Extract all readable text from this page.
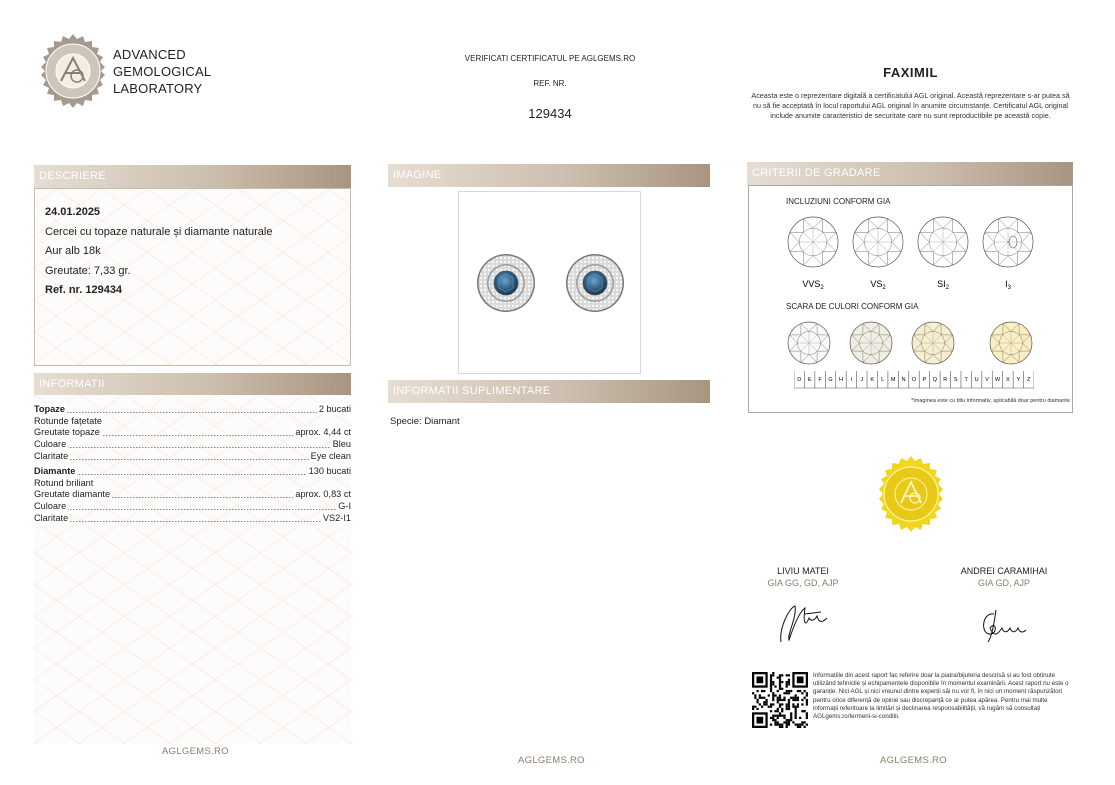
ADVANCED
GEMOLOGICAL
LABORATORY
VERIFICATI CERTIFICATUL PE AGLGEMS.RO
REF. NR.
129434
FAXIMIL
Aceasta este o reprezentare digitală a certificatului AGL original. Această reprezentare s-ar putea să nu să fie acceptată în locul raportului AGL original în anumite circumstanțe. Certificatul AGL original include anumite caracteristici de securitate care nu sunt reproductibile pe această copie.
DESCRIERE
24.01.2025
Cercei cu topaze naturale și diamante naturale
Aur alb 18k
Greutate: 7,33 gr.
Ref. nr. 129434
INFORMATII
Topaze	2 bucati
Rotunde fațetate
Greutate topaze	aprox. 4,44 ct
Culoare	Bleu
Claritate	Eye clean
Diamante	130 bucati
Rotund briliant
Greutate diamante	aprox. 0,83 ct
Culoare	G-I
Claritate	VS2-I1
AGLGEMS.RO
IMAGINE
INFORMATII SUPLIMENTARE
Specie: Diamant
AGLGEMS.RO
CRITERII DE GRADARE
INCLUZIUNI CONFORM GIA
$VVS_2$	$VS_2$	$SI_2$	$I_3$
SCARA DE CULORI CONFORM GIA
D E F G H I J K L M N O P Q R S T U V W X Y Z
*Imaginea este cu titlu informativ, aplicabilă doar pentru diamante
LIVIU MATEI
GIA GG, GD, AJP
ANDREI CARAMIHAI
GIA GD, AJP
Informațiile din acest raport fac referire doar la piatra/bijuteria descrisă și au fost obținute utilizând tehnicile și echipamentele disponibile în momentul examinării. Acest raport nu este o garanție. Nici AGL și nici vreunul dintre experții săi nu vor fi, în nici un moment răspunzători pentru orice diferență de opinie sau discrepanță ce ar putea apărea. Pentru mai multe informații referitoare la limitări și declinarea responsabilității, vă rugăm să consultați AGLgems.ro/termeni-si-conditii.
AGLGEMS.RO
